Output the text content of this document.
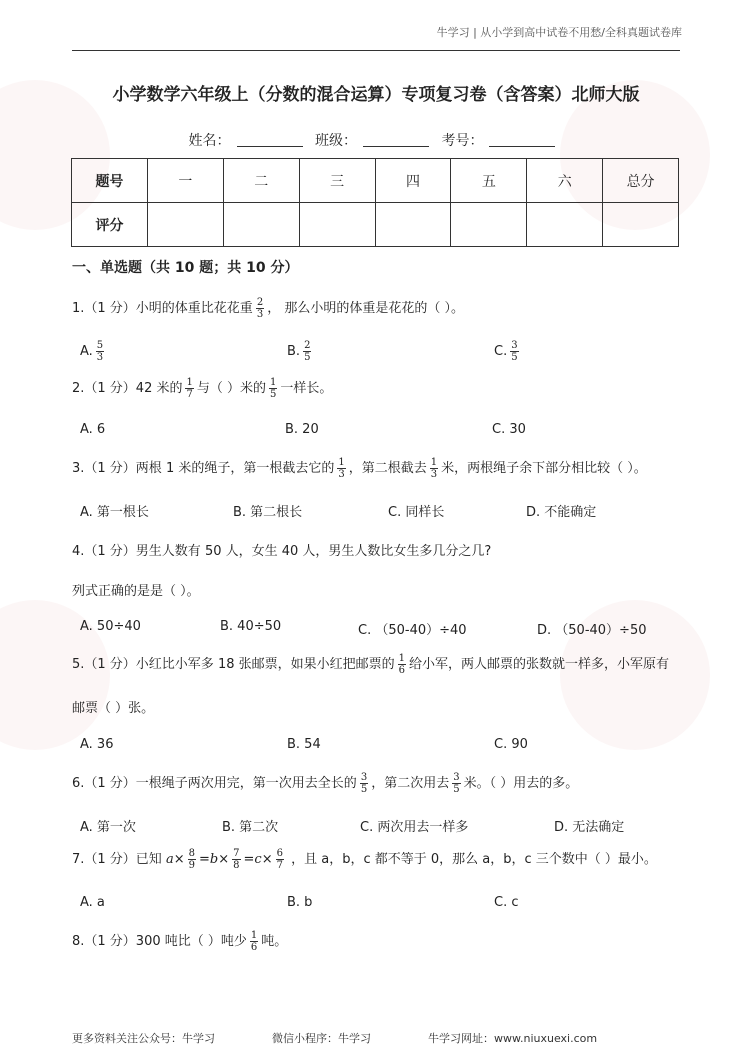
牛学习 | 从小学到高中试卷不用愁/全科真题试卷库
小学数学六年级上（分数的混合运算）专项复习卷（含答案）北师大版
姓名：	班级：	考号：
题号	一	二	三	四	五	六	总分
评分							
一、单选题（共 10 题；共 10 分）
1.（1 分）小明的体重比花花重 $\frac{2}{3}$ ， 那么小明的体重是花花的（ ）。
A. $\frac{5}{3}$	B. $\frac{2}{5}$	C. $\frac{3}{5}$
2.（1 分）42 米的 $\frac{1}{7}$ 与（ ）米的 $\frac{1}{5}$ 一样长。
A. 6	B. 20	C. 30
3.（1 分）两根 1 米的绳子，第一根截去它的 $\frac{1}{3}$ ，第二根截去 $\frac{1}{3}$ 米，两根绳子余下部分相比较（ ）。
A. 第一根长	B. 第二根长	C. 同样长	D. 不能确定
4.（1 分）男生人数有 50 人，女生 40 人，男生人数比女生多几分之几?
列式正确的是是（ ）。
A. 50÷40	B. 40÷50	C. （50-40）÷40	D. （50-40）÷50
5.（1 分）小红比小军多 18 张邮票，如果小红把邮票的 $\frac{1}{6}$ 给小军，两人邮票的张数就一样多，小军原有
邮票（ ）张。
A. 36	B. 54	C. 90
6.（1 分）一根绳子两次用完，第一次用去全长的 $\frac{3}{5}$ ，第二次用去 $\frac{3}{5}$ 米。（ ）用去的多。
A. 第一次	B. 第二次	C. 两次用去一样多	D. 无法确定
7.（1 分）已知 $a\times \frac{8}{9} =b\times \frac{7}{8} =c\times \frac{6}{7}$ ，且 a，b，c 都不等于 0，那么 a，b，c 三个数中（ ）最小。
A. a	B. b	C. c
8.（1 分）300 吨比（ ）吨少 $\frac{1}{6}$ 吨。
更多资料关注公众号：牛学习	微信小程序：牛学习	牛学习网址：www.niuxuexi.com
